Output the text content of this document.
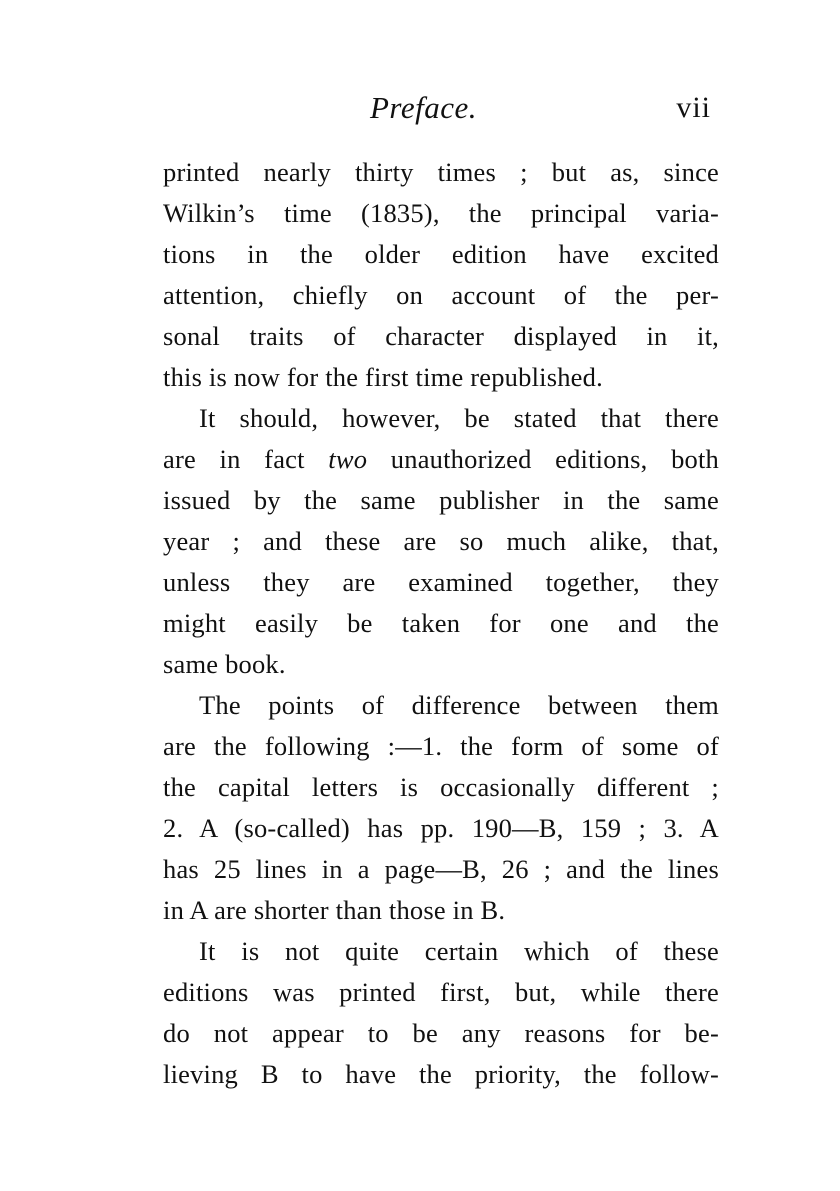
Preface.	vii
printed nearly thirty times ; but as, since
Wilkin’s time (1835), the principal varia-
tions in the older edition have excited
attention, chiefly on account of the per-
sonal traits of character displayed in it,
this is now for the first time republished.
It should, however, be stated that there
are in fact two unauthorized editions, both
issued by the same publisher in the same
year ; and these are so much alike, that,
unless they are examined together, they
might easily be taken for one and the
same book.
The points of difference between them
are the following :—1. the form of some of
the capital letters is occasionally different ;
2. A (so-called) has pp. 190—B, 159 ; 3. A
has 25 lines in a page—B, 26 ; and the lines
in A are shorter than those in B.
It is not quite certain which of these
editions was printed first, but, while there
do not appear to be any reasons for be-
lieving B to have the priority, the follow-
